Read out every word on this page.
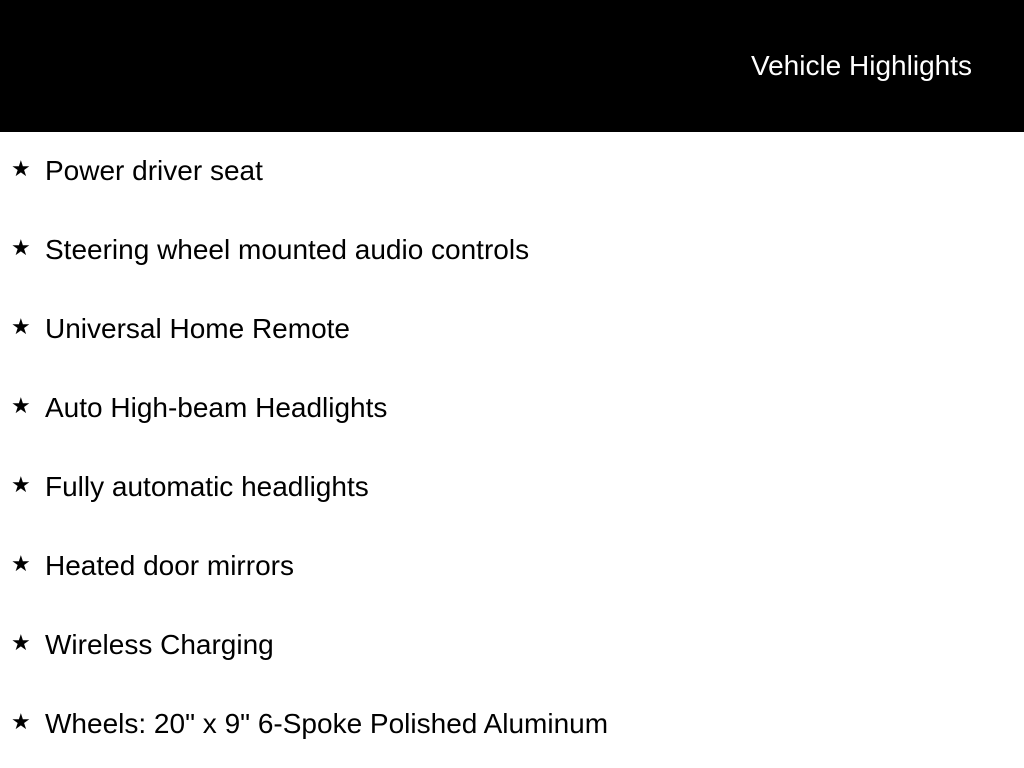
Vehicle Highlights
★ Power driver seat
★ Steering wheel mounted audio controls
★ Universal Home Remote
★ Auto High-beam Headlights
★ Fully automatic headlights
★ Heated door mirrors
★ Wireless Charging
★ Wheels: 20" x 9" 6-Spoke Polished Aluminum
